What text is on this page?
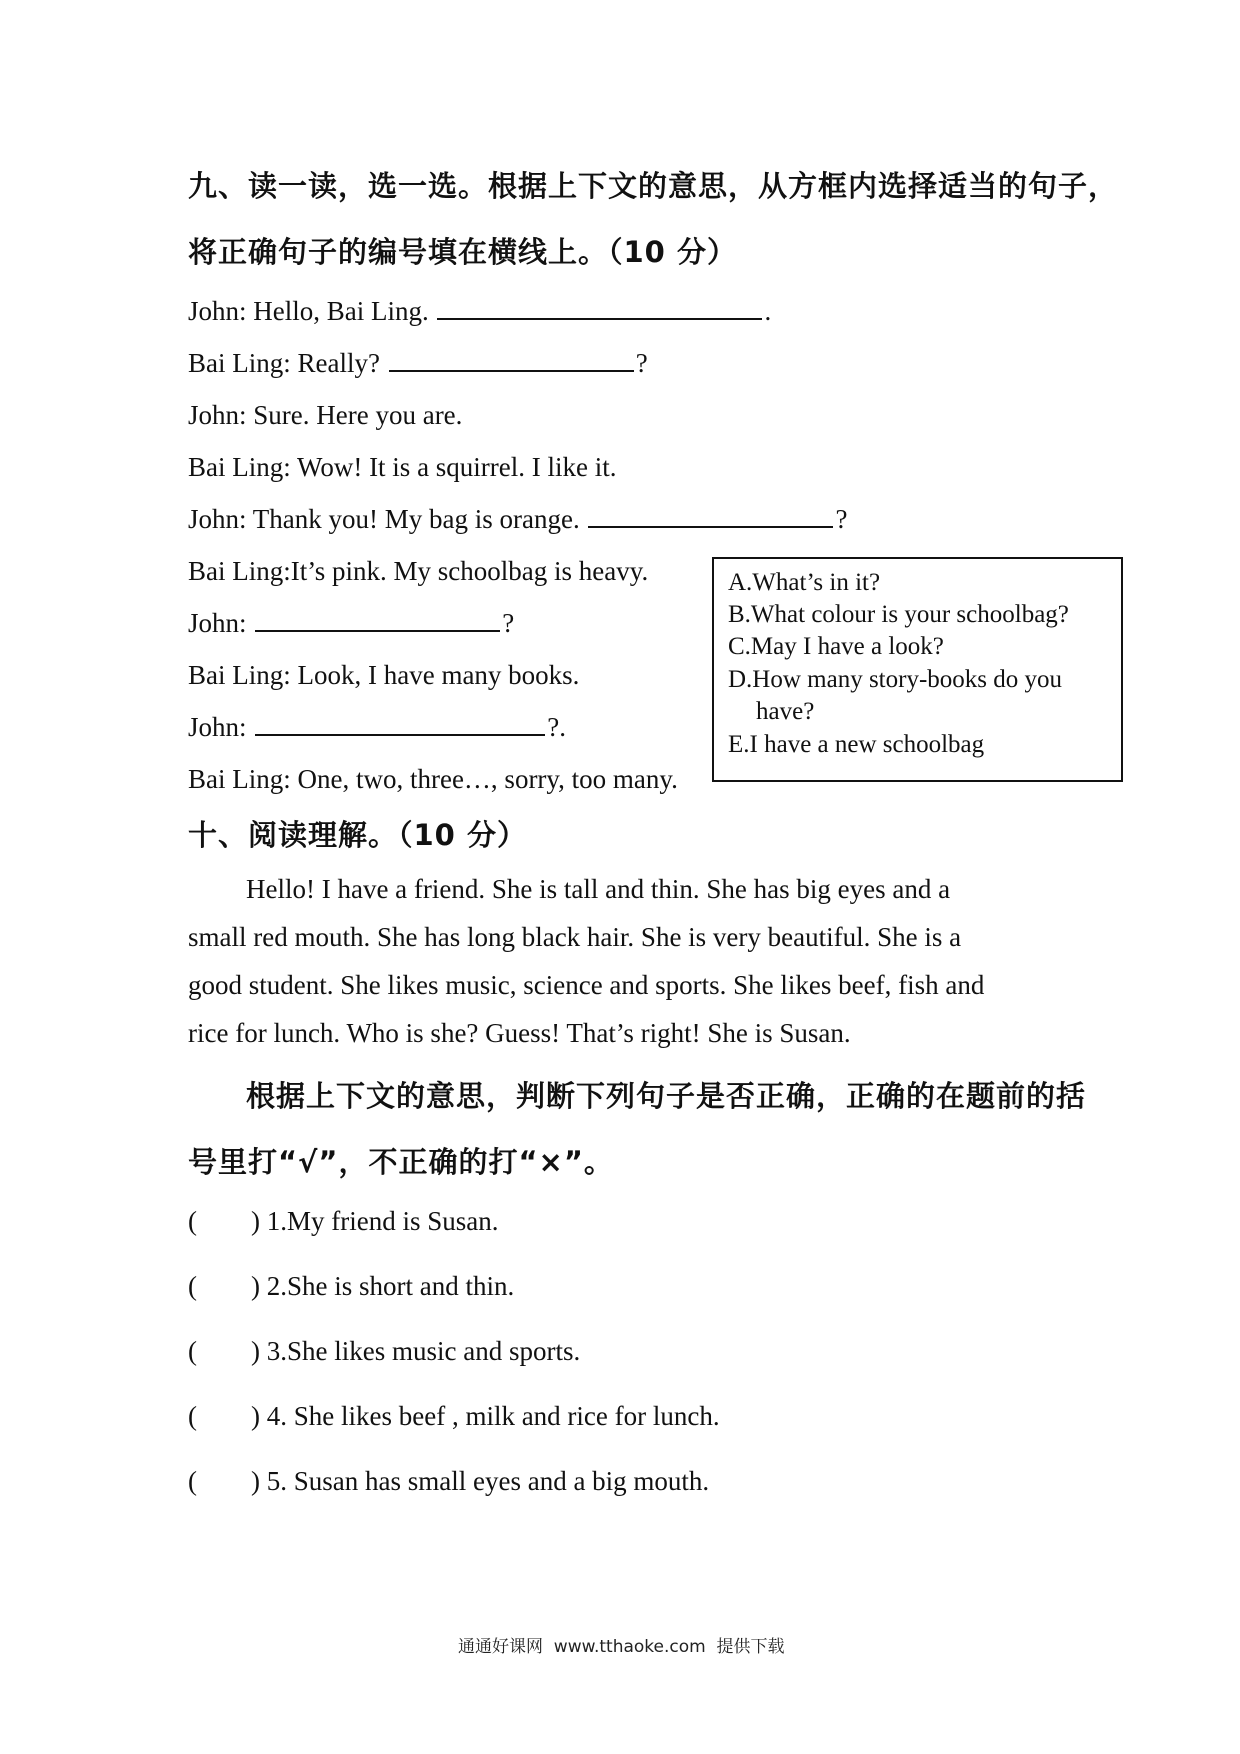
九、读一读，选一选。根据上下文的意思，从方框内选择适当的句子，
将正确句子的编号填在横线上。（10 分）
John: Hello, Bai Ling.	.
Bai Ling: Really?	?
John: Sure. Here you are.
Bai Ling: Wow! It is a squirrel. I like it.
John: Thank you! My bag is orange.	?
Bai Ling:It’s pink. My schoolbag is heavy.
John:	?
Bai Ling: Look, I have many books.
John:	?.
Bai Ling: One, two, three…, sorry, too many.
A.What’s in it?
B.What colour is your schoolbag?
C.May I have a look?
D.How many story-books do you
have?
E.I have a new schoolbag
十、阅读理解。（10 分）
Hello! I have a friend. She is tall and thin. She has big eyes and a
small red mouth. She has long black hair. She is very beautiful. She is a
good student. She likes music, science and sports. She likes beef, fish and
rice for lunch. Who is she? Guess! That’s right! She is Susan.
根据上下文的意思，判断下列句子是否正确，正确的在题前的括
号里打“√”，不正确的打“×”。
(        ) 1.My friend is Susan.
(        ) 2.She is short and thin.
(        ) 3.She likes music and sports.
(        ) 4. She likes beef , milk and rice for lunch.
(        ) 5. Susan has small eyes and a big mouth.
通通好课网  www.tthaoke.com  提供下载
